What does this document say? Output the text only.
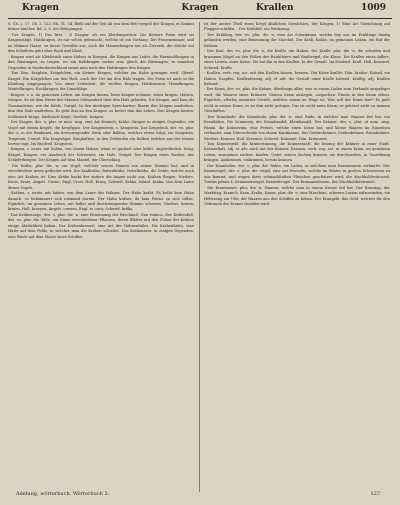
Kragen	Kragen	Krallen	1009

S. Ch. 2, 17. Ch. 2, 122. Eh. 31. 34. Bleib auf der Seit ab von dem Bett vergeß der Kragen, es kommt ferner hinüber. Bd. 3. S. der Belegungen.

- Der Kragen, 1) Das Brei - 2) Kragen: als ein Kleidungsstück. Die fleinere Form wird sie Kragenstäge, Halskragen, ist nur selten gebraucht, welche ist ein Vorhang. Die Frauenzimmer, und an Männer Haare, zu ihrem Gewölbe aus, auch die Männerkragen nur als Zierrath, die Stücke auf den Schultern geht über Rock und Kleid.

- Kragen wird als Kleidstück eines Halses in Kriegen, die Kragen aus Leder, die Harnischkragen in den Rüstungen; zu tragen, wo ein Halskragen vorher war, gleich die Rüstungen; in manchen Gegenden in Niederdeutschland nennt man noch den Halskragen den Kragen.

- Das Dim. Kräglein, Krägelchen, ein kleiner Kragen, welcher am Halse getragen wird. Oberd. Kragel. Ein Krägelchen um den Hals, auch der Ort um den Hals tragen. Die Form ist auch in die Kleidung eingegangen. Von einer Schönheit, die weißen Kragen, Halskrausen, Hemdkragen, Mantelkragen, Rockkragen, die Umschläge.

- Kragen, v. a. im gemeinen Leben, am Kragen fassen, beim Kragen nehmen, einen kragen. Halsen, würgen. Es ist dem Herrn des Mannes Gelegenheit über den Hals gelaufen, Die Kragen, und kam als Nominativum, wie die Kehle, Gurgel. In den niedrigen Sprecharten: Einem den Kragen umdrehen, ihm den Hals umdrehen. Es geht ihm an den Kragen, es kostet ihm das Leben. Den Kragen kosten. Schlesisch Krage, Sächsisch Kraje, Nieders. Kragen.

- Der Kragen, des -s, plur. ut nom. sing. eine Art Kranich; Krähe, Kragen in einigen Gegenden, ein Vogel mit einem Kropfe, die Kropfgans. Der Kragenstein, s. Kragstein. Das Kragstück, des -es, plur. die -e, in der Baukunst, ein hervorragender Stein oder Balken, welcher etwas trägt; ein Kragstein, Tragstein, Consol. Ein Kragträger, Kragbalken, in den Gebäuden ein Balken welcher aus der Mauer hervor ragt. Im Niederd. Kragstein.

- Kragen, v. neutr. mit haben, von einem Hahne, wenn er gackert oder kräht, ungewöhnlich. Kräg, Krägel, Kragen, ein Ausdruck der Schweizer, ein Hals, Gurgel. Der Kragen eines Rockes, der Schieferkragen. Der Kragen auf dem Mantel, der Überschlag.

- Die Krähe, plur. die -n, ein Vogel, welcher seinen Namen von seiner Stimme hat, und in verschiedene Arten getheilet wird. Die Saatkrähe, Rabenkrähe, Nebelkrähe, die Dohle, welche auch eine Art Krähen ist. Eine Krähe hackt der andern die Augen nicht aus. Krähen fliegen. Nieders. Kreie, Kraie, Angels. Crawe, Engl. Crow, Holl. Kraey, Schwed. Kråka, Isländ. Kraka. Von dem Laute dieses Vogels.

- Krähen, v. neutr. mit haben, von dem Laute des Hahnes. Der Hahn kräht. Es kräht kein Hahn danach, es bekümmert sich niemand darum. Der Hahn krähet, da kam Petrus zu sich selbst. Figürlich, im gemeinen Leben, mit heller und durchdringender Stimme schreien. Nieders. kreien, kraien, Holl. kraeyen, Angels. crawan, Engl. to crow, Schwed. kråka.

- Das Krähenauge, des -s, plur. die -n, eine Benennung der Brechnuß, Nux vomica. Der Krähenfuß, des -es, plur. die -füße, ein Name verschiedener Pflanzen, deren Blätter mit den Füßen der Krähen einige Ähnlichkeit haben. Der Krähenkreuzel, eine Art des Hahnenfußes. Die Krähenhütte, eine Hütte auf dem Felde, in welcher man die Krähen schießet. Das Krähennest, in einigen Gegenden, eine Warte auf dem Maste eines Schiffes.

ist der untere Theil eines Kropf ähnlichen Gewächses, der Kragen, 1) Eine Art Vorrichtung auf Flaggen-schiffen. - Der Krähfuß, ein Werkzeug.

- Der Krähling, des -es, plur. die -e, eine Art Schwämme, welche bey uns im Frühlinge häufig gefunden werden, eine Benennung der Morchel. Der Kräh, Krähe, im gemeinen Leben, ein Ruf der Krähen.

- Der Kral, des -es, plur. die -e, die Kralle, ein Haken. Die Kralle, plur. die -n, die scharfen und krummen Nägel an den Füßen der Raubthiere und Raubvögel; die Klaue. Die Krallen eines Adlers, eines Löwen, einer Katze. Sie hat ihn in den Krallen. In der Gewalt. Im Niederd. Krall. Holl. Krauwel, Schwed. Krafla.

- Krallen, verb. reg. act. mit den Krallen fassen, kratzen. Die Katze krallet. Dän. kradse. Kräuel, ein Haken, Krapfen. Krallenförmig, adj. et adv. die Gestalt einer Kralle habend. Krallig, adj. Krallen habend.

- Der Kram, des -es, plur. die Kräme, überhaupt alles, was in einem Laden zum Verkaufe ausgeleget wird, die Waaren eines Krämers. Seinen Kram auslegen, auspacken. Einem in den Kram sehen. Figürlich, allerley unnützes Geräth, welches einem im Wege ist. Was soll der Kram hier? Es paßt nicht in seinen Kram, es ist ihm nicht gelegen. Das ist nicht mein Kram, es gehöret nicht zu meinen Geschäften.

- Der Krambude, die Krambude, plur. die -n, eine Bude, in welcher man Waaren feil hat, ein Kramladen. Die Kramerey, der Kramhandel, Kleinhandel. Der Krämer, des -s, plur. ut nom. sing. Fämin. die Krämerinn, eine Person, welche einen Kram hat, und kleine Waaren im Einzelnen verkaufet, zum Unterschiede von einem Kaufmanne. Ein Gewürzkrämer, Seidenkrämer, Eisenkrämer. Nieders. Kramer, Holl. Kraemer, Schwed. Krämare, Dän. Kræmmer.

- Das Krämergeld, die Krämerinnung, die Krämerzunft, die Innung der Krämer in einer Stadt. Krämerhaft, adj. et adv. nach Art der Krämer. Kramen, verb. reg. act. in einem Kram, im gemeinen Leben, zusammen suchen, kaufen. Unter seinen Sachen kramen, sie durchsuchen, in Unordnung bringen. Auskramen, einkramen, herum kramen.

- Der Kramladen, des -s, plur. die -läden, ein Laden, in welchem man Kramwaaren verkaufet. Der Kramsvogel, des -s, plur. die -vögel, eine Art Drosseln, welche im Winter in großen Schwärmen zu uns kommt, und wegen ihres schmackhaften Fleisches geschätzet wird; die Wachholderdrossel, Turdus pilaris L. Krammetsvogel, Kranwitvogel. Der Krammetsbaum, der Wachholderstrauch.

- Die Kramwaare, plur. die -n, Waaren, welche man in einem Krame feil hat. Der Kramtag, der Markttag. Kranich, Kran, Krahn, Krane, plur. die -e, eine Maschine, schwere Lasten aufzuwinden; ein Hebezeug am Ufer, die Waaren aus den Schiffen zu heben. Der Krangeld, das Geld, welches für den Gebrauch des Kranes bezahlet wird.

Adelung, wörterbuch. Wörterbuch 2.	127
